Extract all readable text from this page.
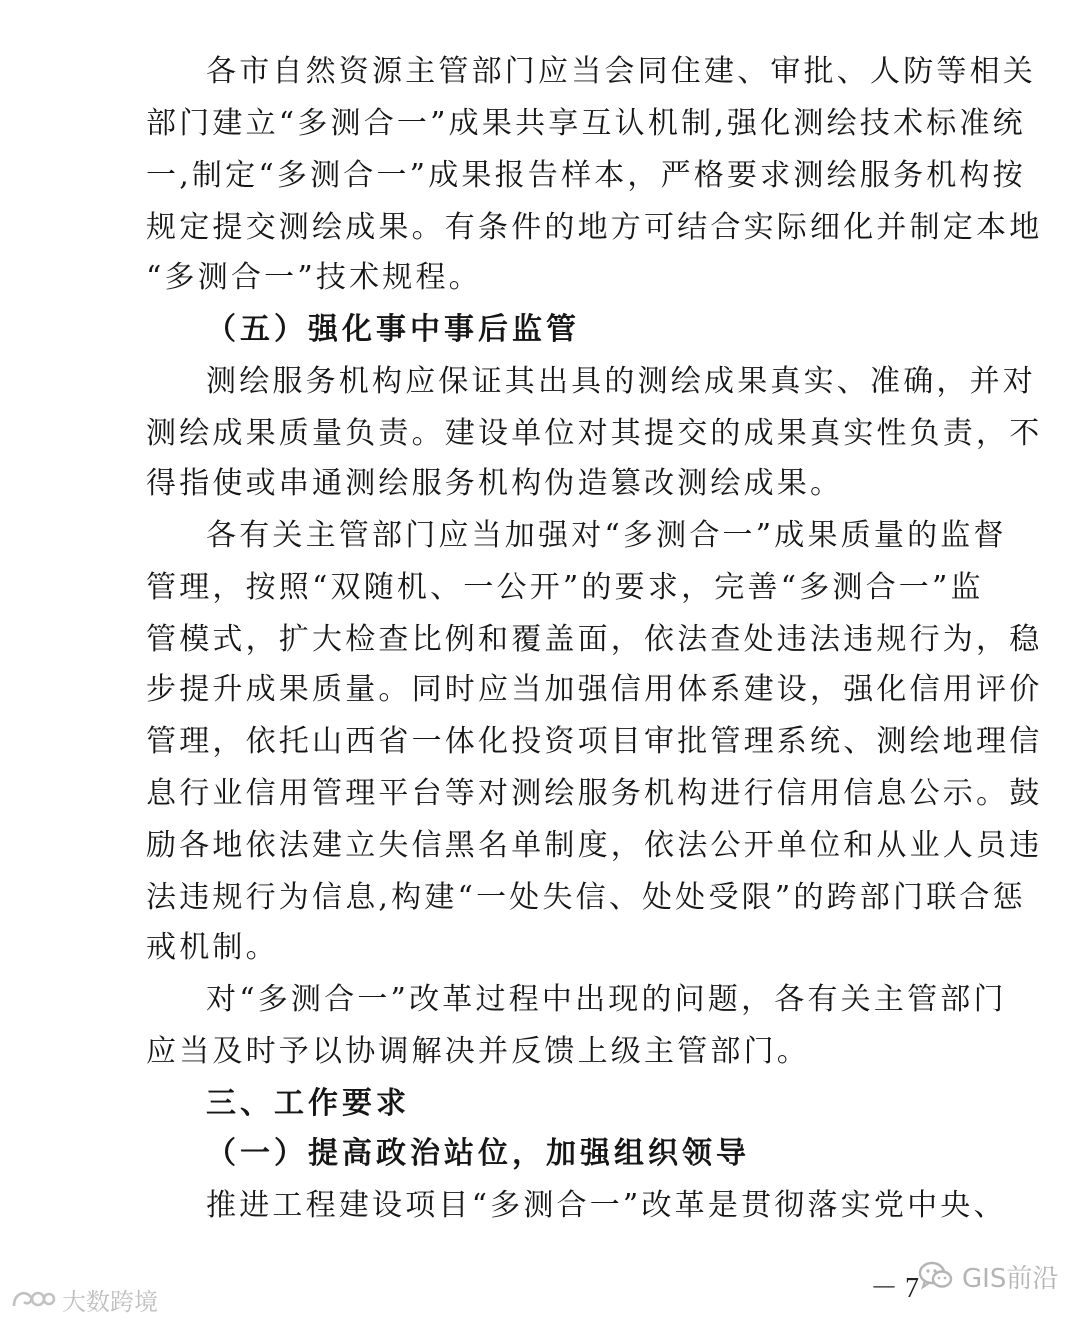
各市自然资源主管部门应当会同住建、审批、人防等相关
部门建立“多测合一”成果共享互认机制,强化测绘技术标准统
一,制定“多测合一”成果报告样本，严格要求测绘服务机构按
规定提交测绘成果。有条件的地方可结合实际细化并制定本地
“多测合一”技术规程。
（五）强化事中事后监管
测绘服务机构应保证其出具的测绘成果真实、准确，并对
测绘成果质量负责。建设单位对其提交的成果真实性负责，不
得指使或串通测绘服务机构伪造篡改测绘成果。
各有关主管部门应当加强对“多测合一”成果质量的监督
管理，按照“双随机、一公开”的要求，完善“多测合一”监
管模式，扩大检查比例和覆盖面，依法查处违法违规行为，稳
步提升成果质量。同时应当加强信用体系建设，强化信用评价
管理，依托山西省一体化投资项目审批管理系统、测绘地理信
息行业信用管理平台等对测绘服务机构进行信用信息公示。鼓
励各地依法建立失信黑名单制度，依法公开单位和从业人员违
法违规行为信息,构建“一处失信、处处受限”的跨部门联合惩
戒机制。
对“多测合一”改革过程中出现的问题，各有关主管部门
应当及时予以协调解决并反馈上级主管部门。
三、工作要求
（一）提高政治站位，加强组织领导
推进工程建设项目“多测合一”改革是贯彻落实党中央、
－ 7
大数跨境
GIS前沿
